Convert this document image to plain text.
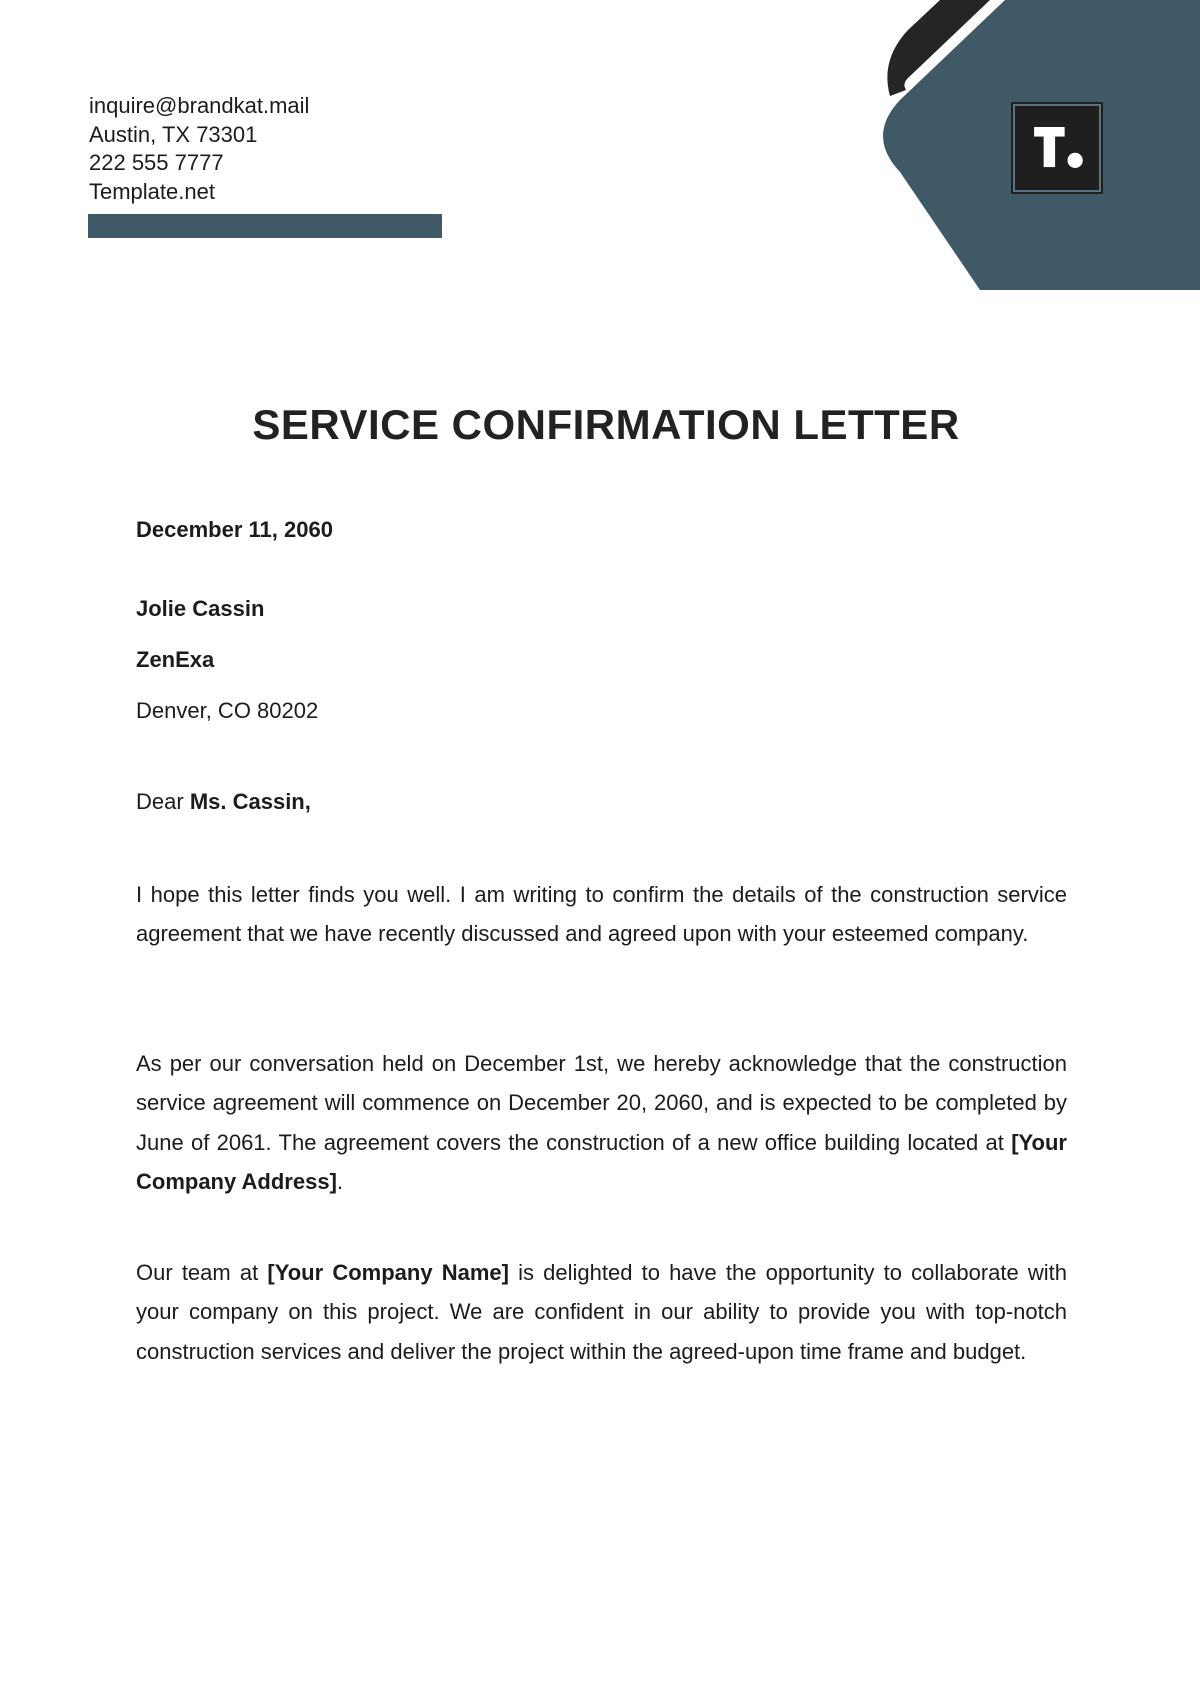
inquire@brandkat.mail
Austin, TX 73301
222 555 7777
Template.net
SERVICE CONFIRMATION LETTER
December 11, 2060
Jolie Cassin
ZenExa
Denver, CO 80202
Dear Ms. Cassin,

I hope this letter finds you well. I am writing to confirm the details of the construction service agreement that we have recently discussed and agreed upon with your esteemed company.

As per our conversation held on December 1st, we hereby acknowledge that the construction service agreement will commence on December 20, 2060, and is expected to be completed by June of 2061. The agreement covers the construction of a new office building located at [Your Company Address].

Our team at [Your Company Name] is delighted to have the opportunity to collaborate with your company on this project. We are confident in our ability to provide you with top-notch construction services and deliver the project within the agreed-upon time frame and budget.
